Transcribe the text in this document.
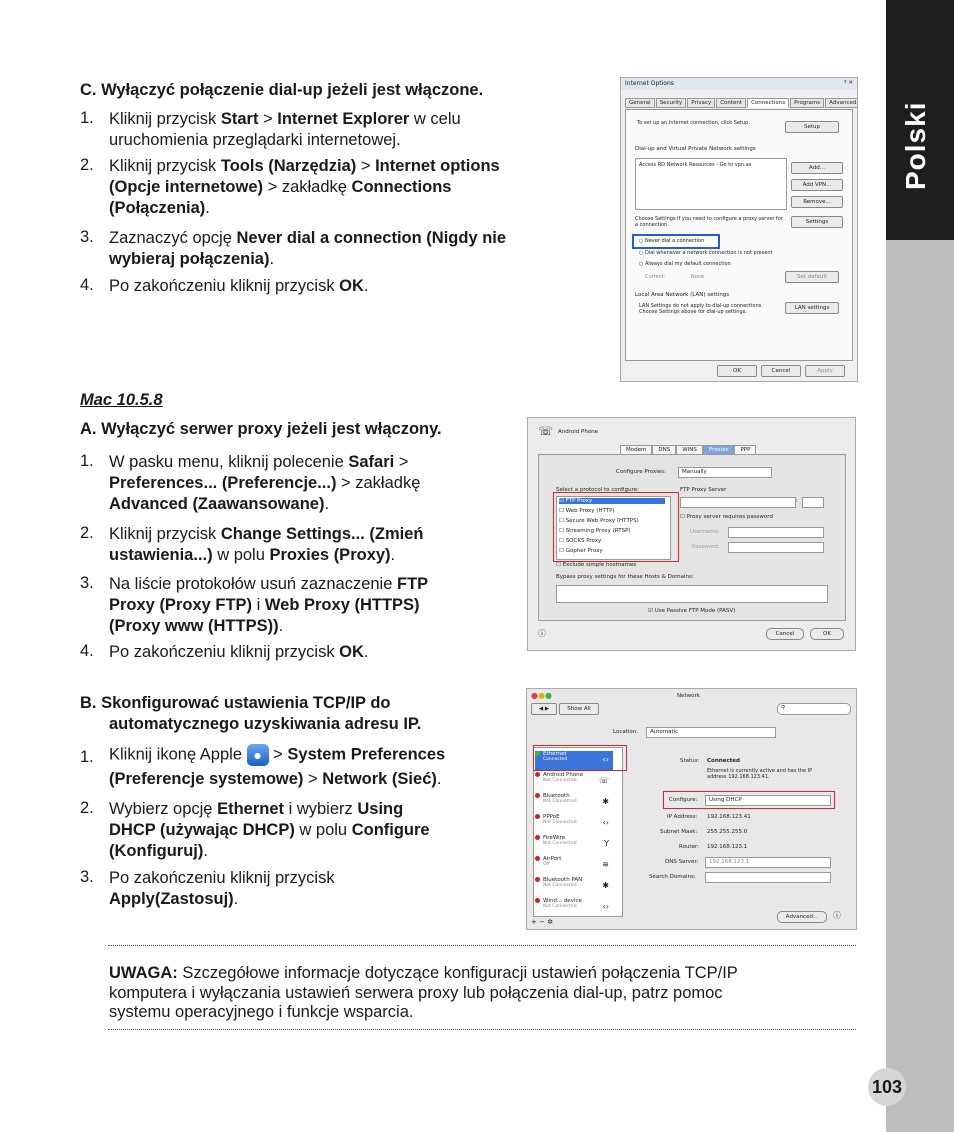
Polski
103
C. Wyłączyć połączenie dial-up jeżeli jest włączone.
1. Kliknij przycisk Start > Internet Explorer w celu
uruchomienia przeglądarki internetowej.
2. Kliknij przycisk Tools (Narzędzia) > Internet options
(Opcje internetowe) > zakładkę Connections
(Połączenia).
3. Zaznaczyć opcję Never dial a connection (Nigdy nie
wybieraj połączenia).
4. Po zakończeniu kliknij przycisk OK.
Mac 10.5.8
A. Wyłączyć serwer proxy jeżeli jest włączony.
1. W pasku menu, kliknij polecenie Safari >
Preferences... (Preferencje...) > zakładkę
Advanced (Zaawansowane).
2. Kliknij przycisk Change Settings... (Zmień
ustawienia...) w polu Proxies (Proxy).
3. Na liście protokołów usuń zaznaczenie FTP
Proxy (Proxy FTP) i Web Proxy (HTTPS)
(Proxy www (HTTPS)).
4. Po zakończeniu kliknij przycisk OK.
B. Skonfigurować ustawienia TCP/IP do
automatycznego uzyskiwania adresu IP.
1. Kliknij ikonę Apple ● > System Preferences
(Preferencje systemowe) > Network (Sieć).
2. Wybierz opcję Ethernet i wybierz Using
DHCP (używając DHCP) w polu Configure
(Konfiguruj).
3. Po zakończeniu kliknij przycisk
Apply(Zastosuj).
UWAGA: Szczegółowe informacje dotyczące konfiguracji ustawień połączenia TCP/IP
komputera i wyłączania ustawień serwera proxy lub połączenia dial-up, patrz pomoc
systemu operacyjnego i funkcje wsparcia.
Internet Options	? ✕
General	Security	Privacy	Content	Connections	Programs	Advanced
To set up an Internet connection, click Setup.
Setup
Dial-up and Virtual Private Network settings
Access RD Network Resources - Go to vpn.as	Add...
Add VPN...
Remove...
Choose Settings if you need to configure a proxy server for a connection.	Settings
○ Never dial a connection
○ Dial whenever a network connection is not present
○ Always dial my default connection
Current:	None	Set default
Local Area Network (LAN) settings
LAN Settings do not apply to dial-up connections. Choose Settings above for dial-up settings.
LAN settings
OK	Cancel	Apply
☏ Android Phone
Modem	DNS	WINS	Proxies	PPP
Configure Proxies:	Manually
Select a protocol to configure:
☑ FTP Proxy
☐ Web Proxy (HTTP)
☐ Secure Web Proxy (HTTPS)
☐ Streaming Proxy (RTSP)
☐ SOCKS Proxy
☐ Gopher Proxy
FTP Proxy Server
:
☐ Proxy server requires password
Username:
Password:
☐ Exclude simple hostnames
Bypass proxy settings for these Hosts & Domains:
☑ Use Passive FTP Mode (PASV)
ⓘ	Cancel	OK
●●●	Network
◀ ▶	Show All	⚲
Location: Automatic
Ethernet
Connected	‹›
Android Phone
Not Connected	☏
Bluetooth
Not Connected	✱
PPPoE
Not Connected	‹›
FireWire
Not Connected	Y
AirPort
Off	≋
Bluetooth PAN
Not Connected	✱
Wind... device
Not Connected	‹›
+ − ✲
Status: Connected
Ethernet is currently active and has the IP address 192.168.123.41.
Configure: Using DHCP
IP Address: 192.168.123.41
Subnet Mask: 255.255.255.0
Router: 192.168.123.1
DNS Server: 192.168.123.1
Search Domains:
Advanced...	ⓘ
